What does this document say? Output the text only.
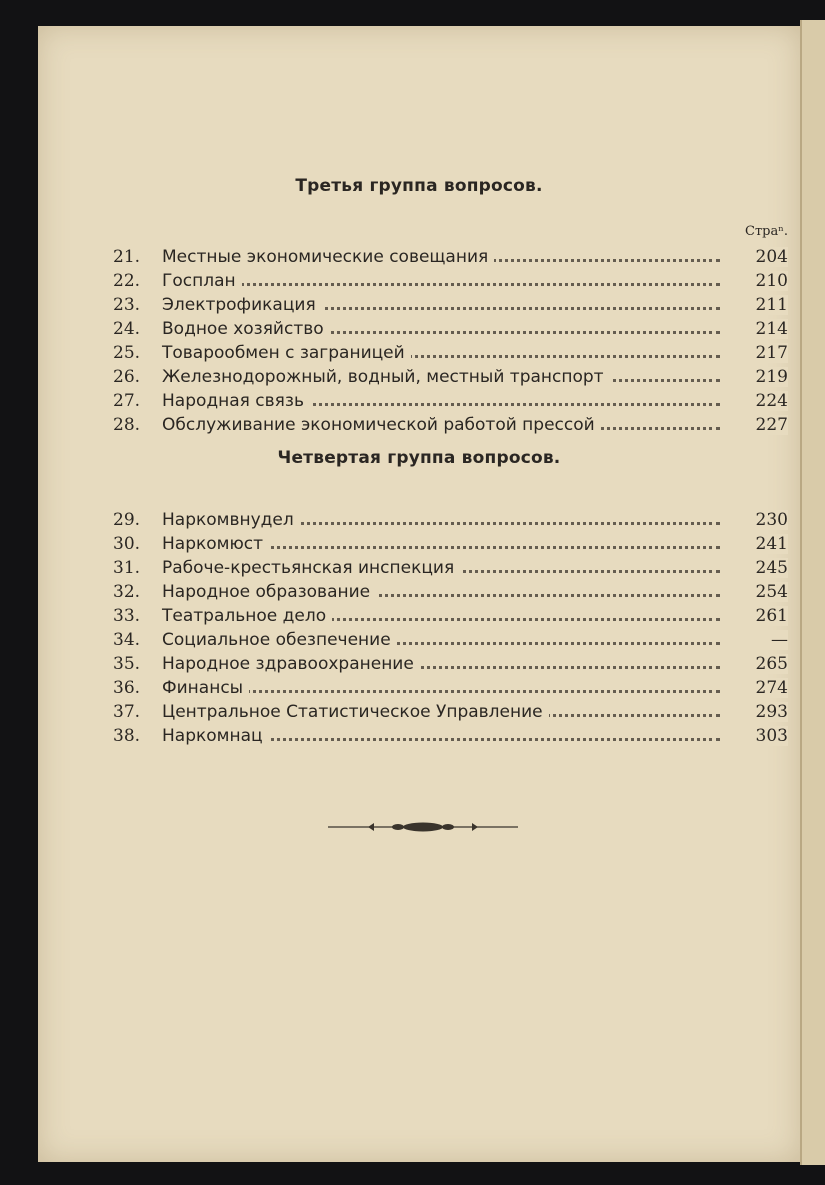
Третья группа вопросов.
Страⁿ.
21.	Местные экономические совещания	204
22.	Госплан	210
23.	Электрофикация	211
24.	Водное хозяйство	214
25.	Товарообмен с заграницей	217
26.	Железнодорожный, водный, местный транспорт	219
27.	Народная связь	224
28.	Обслуживание экономической работой прессой	227
Четвертая группа вопросов.
29.	Наркомвнудел	230
30.	Наркомюст	241
31.	Рабоче-крестьянская инспекция	245
32.	Народное образование	254
33.	Театральное дело	261
34.	Социальное обезпечение	—
35.	Народное здравоохранение	265
36.	Финансы	274
37.	Центральное Статистическое Управление	293
38.	Наркомнац	303
